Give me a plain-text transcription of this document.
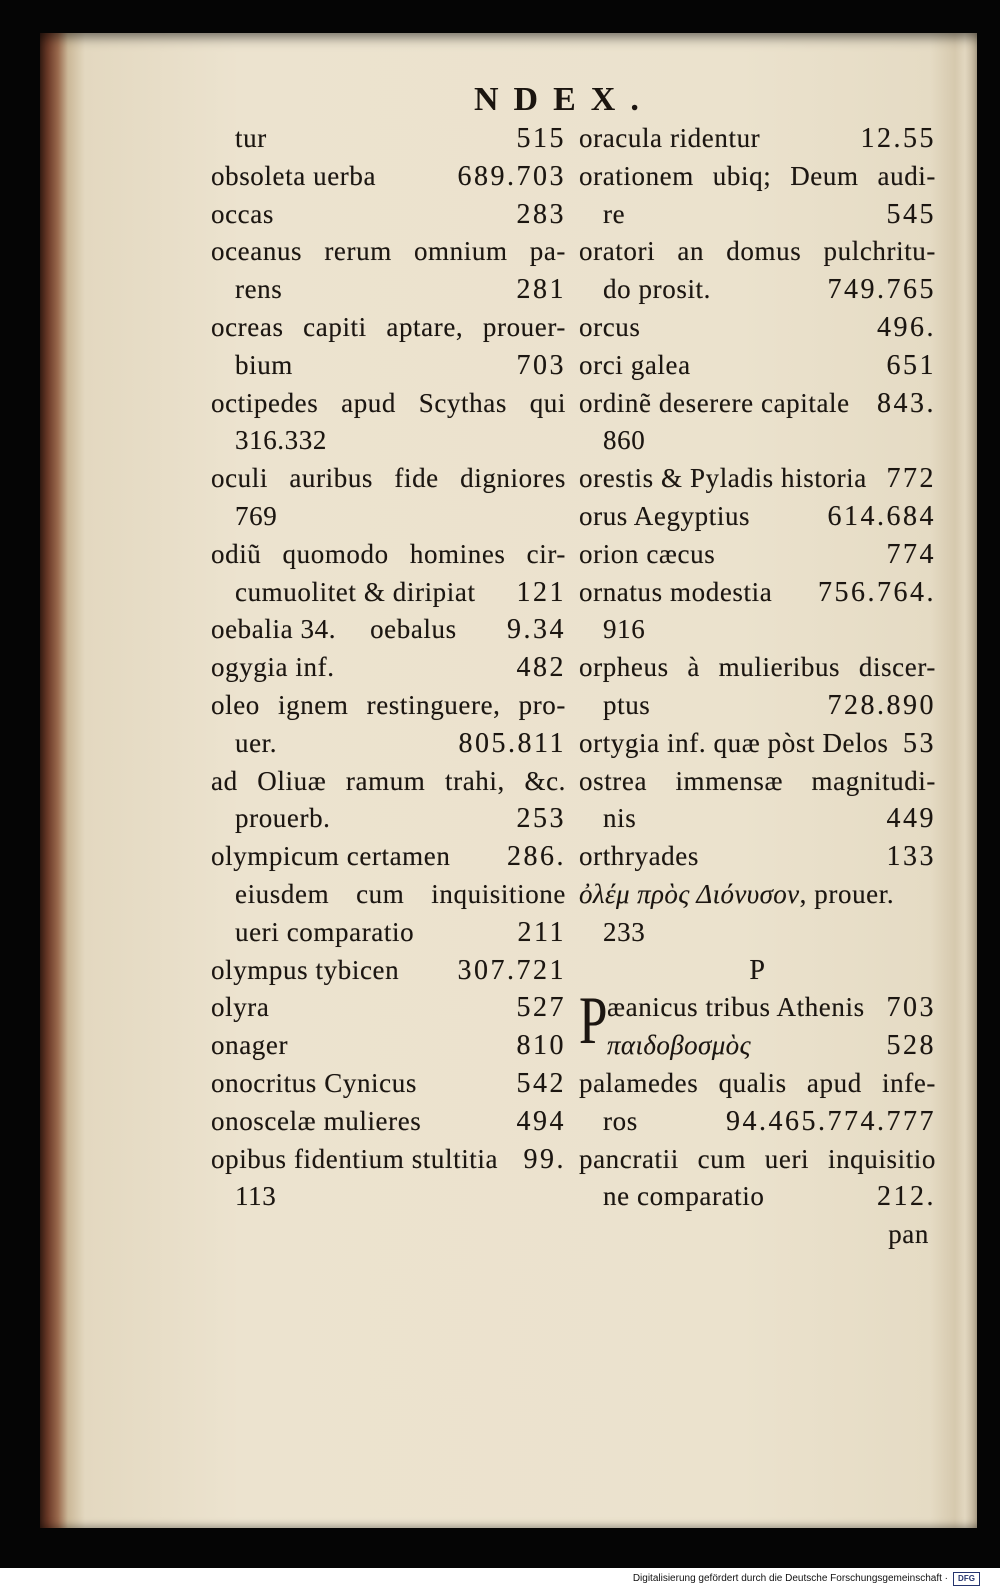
NDEX.
tur	515
obsoleta uerba	689.703
occas	283
oceanus rerum omnium pa-
rens	281
ocreas capiti aptare, prouer-
bium	703
octipedes apud Scythas qui
316.332
oculi auribus fide digniores
769
odiũ quomodo homines cir-
cumuolitet & diripiat 121
oebalia 34. oebalus 9.34
ogygia inf.	482
oleo ignem restinguere, pro-
uer.	805.811
ad Oliuæ ramum trahi, &c.
prouerb.	253
olympicum certamen 286.
eiusdem cum inquisitione
ueri comparatio	211
olympus tybicen 307.721
olyra	527
onager	810
onocritus Cynicus	542
onoscelæ mulieres	494
opibus fidentium stultitia 99.
113
oracula ridentur	12.55
orationem ubiq; Deum audi-
re	545
oratori an domus pulchritu-
do prosit.	749.765
orcus	496.
orci galea	651
ordinẽ deserere capitale 843.
860
orestis & Pyladis historia 772
orus Aegyptius	614.684
orion cæcus	774
ornatus modestia 756.764.
916
orpheus à mulieribus discer-
ptus	728.890
ortygia inf. quæ pòst Delos 53
ostrea immensæ magnitudi-
nis	449
orthryades	133
ὀλέμ πρὸς Διόνυσον , prouer.
233
P
P æanicus tribus Athenis 703
παιδοβοσμὸς	528
palamedes qualis apud infe-
ros	94.465.774.777
pancratii cum ueri inquisitio
ne comparatio	212.
pan
Digitalisierung gefördert durch die Deutsche Forschungsgemeinschaft ·	DFG
